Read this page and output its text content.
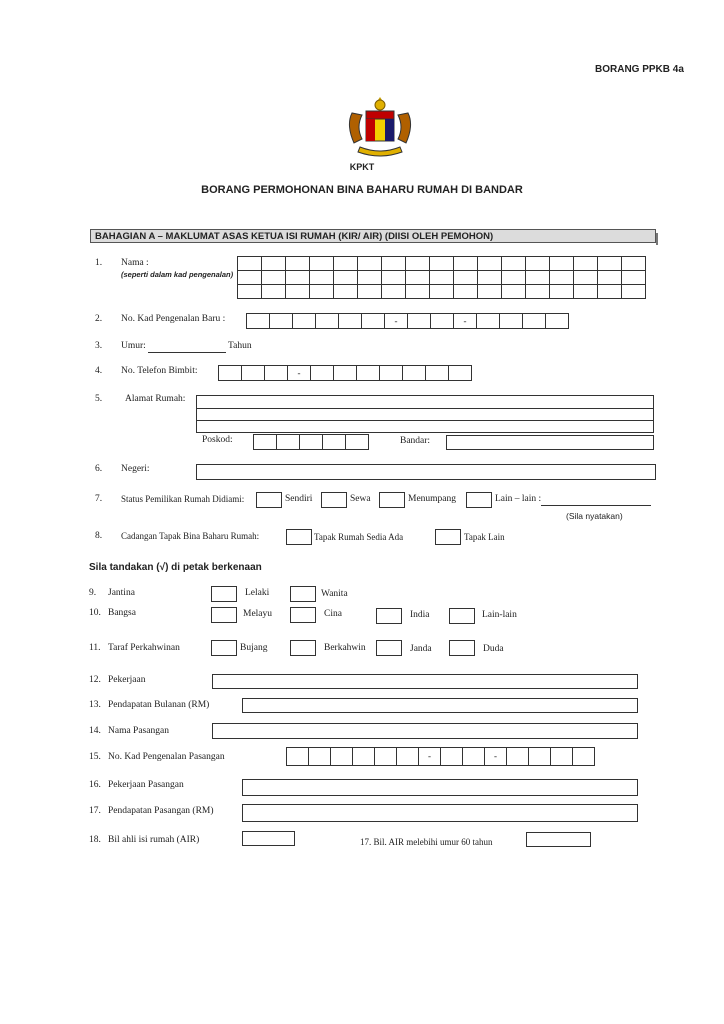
BORANG PPKB 4a
KPKT
BORANG PERMOHONAN BINA BAHARU RUMAH DI BANDAR
BAHAGIAN A – MAKLUMAT ASAS KETUA ISI RUMAH (KIR/ AIR) (DIISI OLEH PEMOHON)
1. Nama :
(seperti dalam kad pengenalan)
2. No. Kad Pengenalan Baru :	-	-
3. Umur:	Tahun
4. No. Telefon Bimbit:	-
5. Alamat Rumah:
Poskod:	Bandar:
6. Negeri:
7. Status Pemilikan Rumah Didiami:	Sendiri	Sewa	Menumpang	Lain – lain :
(Sila nyatakan)
8. Cadangan Tapak Bina Baharu Rumah:	Tapak Rumah Sedia Ada	Tapak Lain
Sila tandakan (√) di petak berkenaan
9. Jantina	Lelaki	Wanita
10. Bangsa	Melayu	Cina	India	Lain-lain
11. Taraf Perkahwinan	Bujang	Berkahwin	Janda	Duda
12. Pekerjaan
13. Pendapatan Bulanan (RM)
14. Nama Pasangan
15. No. Kad Pengenalan Pasangan	-	-
16. Pekerjaan Pasangan
17. Pendapatan Pasangan (RM)
18. Bil ahli isi rumah (AIR)	17. Bil. AIR melebihi umur 60 tahun
